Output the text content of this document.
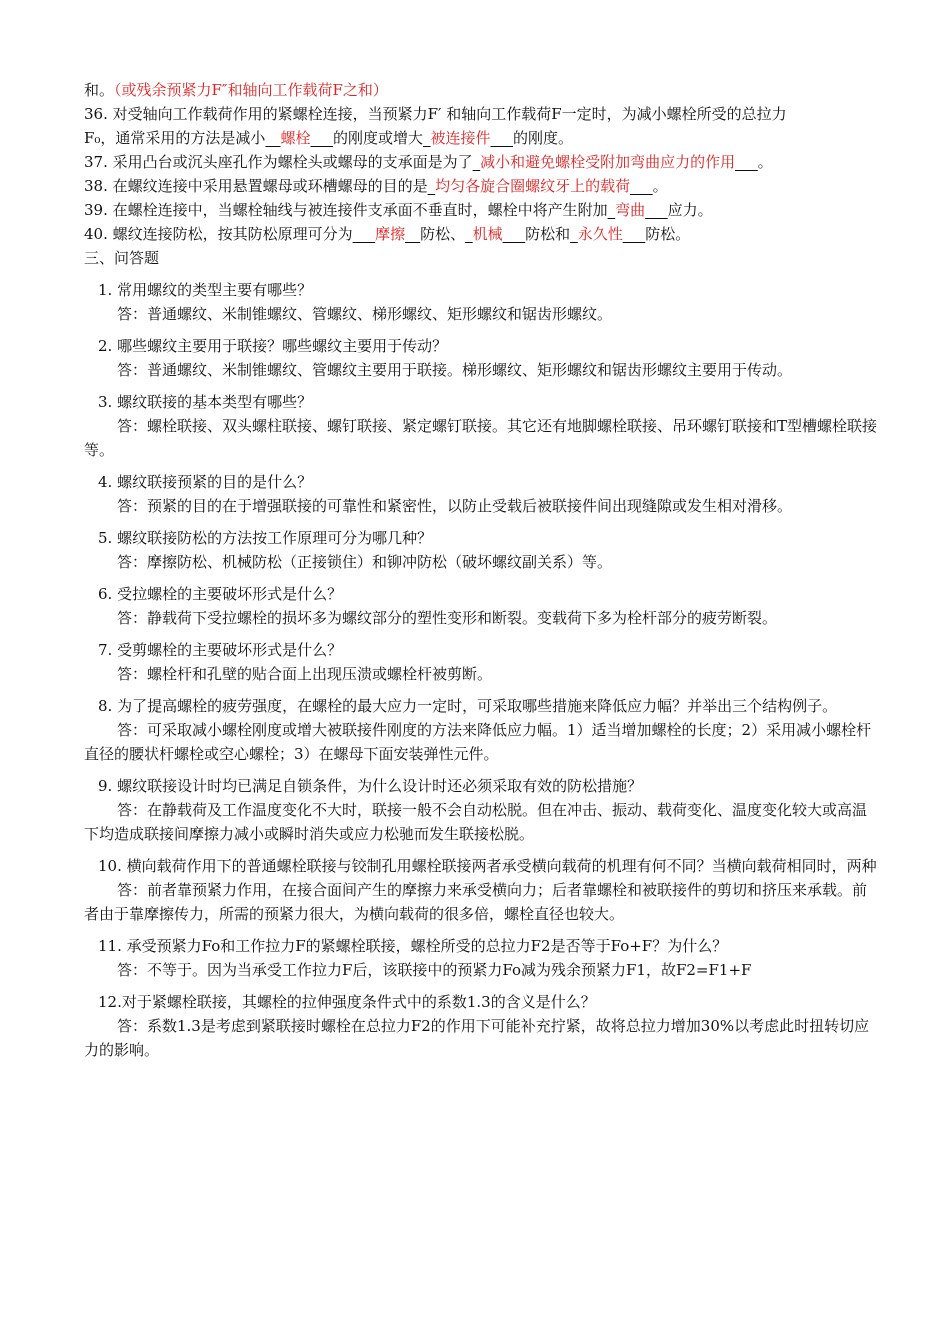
和。（或残余预紧力F″和轴向工作载荷F之和）

36. 对受轴向工作载荷作用的紧螺栓连接，当预紧力F′ 和轴向工作载荷F一定时，为减小螺栓所受的总拉力

F₀，通常采用的方法是减小__螺栓___的刚度或增大_被连接件___的刚度。

37. 采用凸台或沉头座孔作为螺栓头或螺母的支承面是为了_减小和避免螺栓受附加弯曲应力的作用___。

38. 在螺纹连接中采用悬置螺母或环槽螺母的目的是_均匀各旋合圈螺纹牙上的载荷___。

39. 在螺栓连接中，当螺栓轴线与被连接件支承面不垂直时，螺栓中将产生附加_弯曲___应力。

40. 螺纹连接防松，按其防松原理可分为___摩擦__防松、_机械___防松和_永久性___防松。

三、问答题

1. 常用螺纹的类型主要有哪些？

答：普通螺纹、米制锥螺纹、管螺纹、梯形螺纹、矩形螺纹和锯齿形螺纹。

2. 哪些螺纹主要用于联接？哪些螺纹主要用于传动？

答：普通螺纹、米制锥螺纹、管螺纹主要用于联接。梯形螺纹、矩形螺纹和锯齿形螺纹主要用于传动。

3. 螺纹联接的基本类型有哪些？

答：螺栓联接、双头螺柱联接、螺钉联接、紧定螺钉联接。其它还有地脚螺栓联接、吊环螺钉联接和T型槽螺栓联接等。

4. 螺纹联接预紧的目的是什么？

答：预紧的目的在于增强联接的可靠性和紧密性，以防止受载后被联接件间出现缝隙或发生相对滑移。

5. 螺纹联接防松的方法按工作原理可分为哪几种？

答：摩擦防松、机械防松（正接锁住）和铆冲防松（破坏螺纹副关系）等。

6. 受拉螺栓的主要破坏形式是什么？

答：静载荷下受拉螺栓的损坏多为螺纹部分的塑性变形和断裂。变载荷下多为栓杆部分的疲劳断裂。

7. 受剪螺栓的主要破坏形式是什么？

答：螺栓杆和孔壁的贴合面上出现压溃或螺栓杆被剪断。

8. 为了提高螺栓的疲劳强度，在螺栓的最大应力一定时，可采取哪些措施来降低应力幅？并举出三个结构例子。

答：可采取减小螺栓刚度或增大被联接件刚度的方法来降低应力幅。1）适当增加螺栓的长度；2）采用减小螺栓杆直径的腰状杆螺栓或空心螺栓；3）在螺母下面安装弹性元件。

9. 螺纹联接设计时均已满足自锁条件，为什么设计时还必须采取有效的防松措施？

答：在静载荷及工作温度变化不大时，联接一般不会自动松脱。但在冲击、振动、载荷变化、温度变化较大或高温下均造成联接间摩擦力减小或瞬时消失或应力松驰而发生联接松脱。

10. 横向载荷作用下的普通螺栓联接与铰制孔用螺栓联接两者承受横向载荷的机理有何不同？当横向载荷相同时，两种

答：前者靠预紧力作用，在接合面间产生的摩擦力来承受横向力；后者靠螺栓和被联接件的剪切和挤压来承载。前者由于靠摩擦传力，所需的预紧力很大，为横向载荷的很多倍，螺栓直径也较大。

11. 承受预紧力Fo和工作拉力F的紧螺栓联接，螺栓所受的总拉力F2是否等于Fo+F？为什么？

答：不等于。因为当承受工作拉力F后，该联接中的预紧力Fo减为残余预紧力F1，故F2=F1+F

12.对于紧螺栓联接，其螺栓的拉伸强度条件式中的系数1.3的含义是什么？

答：系数1.3是考虑到紧联接时螺栓在总拉力F2的作用下可能补充拧紧，故将总拉力增加30%以考虑此时扭转切应力的影响。
